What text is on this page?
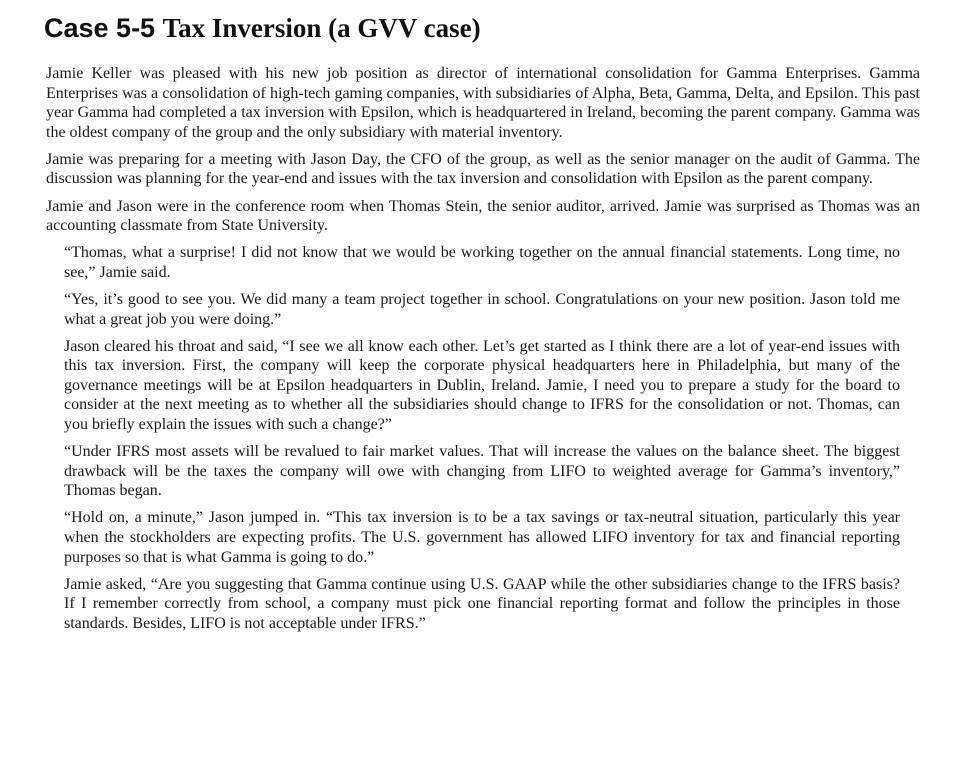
Case 5-5 Tax Inversion (a GVV case)

Jamie Keller was pleased with his new job position as director of international consolidation for Gamma Enterprises. Gamma Enterprises was a consolidation of high-tech gaming companies, with subsidiaries of Alpha, Beta, Gamma, Delta, and Epsilon. This past year Gamma had completed a tax inversion with Epsilon, which is headquartered in Ireland, becoming the parent company. Gamma was the oldest company of the group and the only subsidiary with material inventory.

Jamie was preparing for a meeting with Jason Day, the CFO of the group, as well as the senior manager on the audit of Gamma. The discussion was planning for the year-end and issues with the tax inversion and consolidation with Epsilon as the parent company.

Jamie and Jason were in the conference room when Thomas Stein, the senior auditor, arrived. Jamie was surprised as Thomas was an accounting classmate from State University.

“Thomas, what a surprise! I did not know that we would be working together on the annual financial statements. Long time, no see,” Jamie said.

“Yes, it’s good to see you. We did many a team project together in school. Congratulations on your new position. Jason told me what a great job you were doing.”

Jason cleared his throat and said, “I see we all know each other. Let’s get started as I think there are a lot of year-end issues with this tax inversion. First, the company will keep the corporate physical headquarters here in Philadelphia, but many of the governance meetings will be at Epsilon headquarters in Dublin, Ireland. Jamie, I need you to prepare a study for the board to consider at the next meeting as to whether all the subsidiaries should change to IFRS for the consolidation or not. Thomas, can you briefly explain the issues with such a change?”

“Under IFRS most assets will be revalued to fair market values. That will increase the values on the balance sheet. The biggest drawback will be the taxes the company will owe with changing from LIFO to weighted average for Gamma’s inventory,” Thomas began.

“Hold on, a minute,” Jason jumped in. “This tax inversion is to be a tax savings or tax-neutral situation, particularly this year when the stockholders are expecting profits. The U.S. government has allowed LIFO inventory for tax and financial reporting purposes so that is what Gamma is going to do.”

Jamie asked, “Are you suggesting that Gamma continue using U.S. GAAP while the other subsidiaries change to the IFRS basis? If I remember correctly from school, a company must pick one financial reporting format and follow the principles in those standards. Besides, LIFO is not acceptable under IFRS.”
